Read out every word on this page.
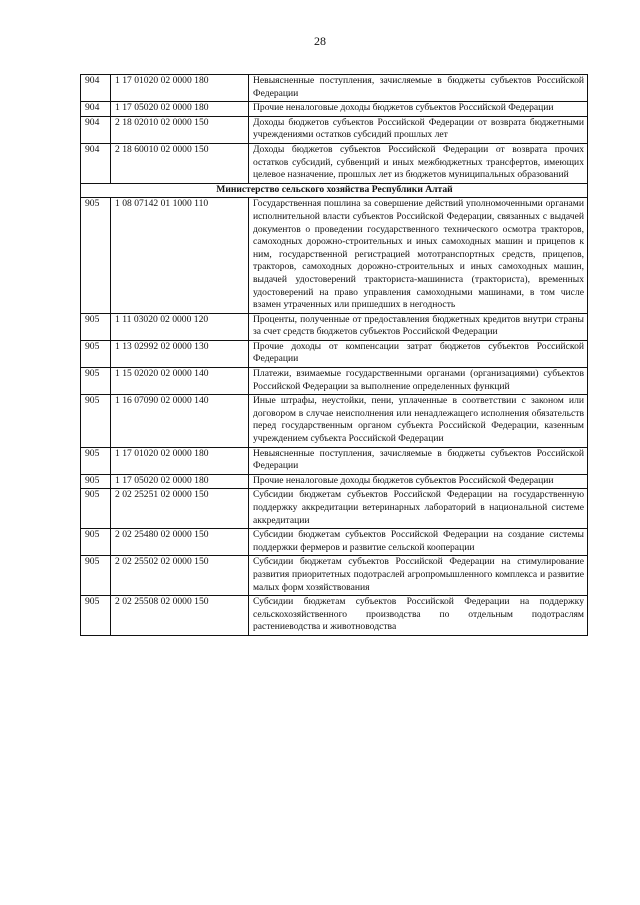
28
904	1 17 01020 02 0000 180	Невыясненные поступления, зачисляемые в бюджеты субъектов Российской Федерации
904	1 17 05020 02 0000 180	Прочие неналоговые доходы бюджетов субъектов Российской Федерации
904	2 18 02010 02 0000 150	Доходы бюджетов субъектов Российской Федерации от возврата бюджетными учреждениями остатков субсидий прошлых лет
904	2 18 60010 02 0000 150	Доходы бюджетов субъектов Российской Федерации от возврата прочих остатков субсидий, субвенций и иных межбюджетных трансфертов, имеющих целевое назначение, прошлых лет из бюджетов муниципальных образований
Министерство сельского хозяйства Республики Алтай		
905	1 08 07142 01 1000 110	Государственная пошлина за совершение действий уполномоченными органами исполнительной власти субъектов Российской Федерации, связанных с выдачей документов о проведении государственного технического осмотра тракторов, самоходных дорожно-строительных и иных самоходных машин и прицепов к ним, государственной регистрацией мототранспортных средств, прицепов, тракторов, самоходных дорожно-строительных и иных самоходных машин, выдачей удостоверений тракториста-машиниста (тракториста), временных удостоверений на право управления самоходными машинами, в том числе взамен утраченных или пришедших в негодность
905	1 11 03020 02 0000 120	Проценты, полученные от предоставления бюджетных кредитов внутри страны за счет средств бюджетов субъектов Российской Федерации
905	1 13 02992 02 0000 130	Прочие доходы от компенсации затрат бюджетов субъектов Российской Федерации
905	1 15 02020 02 0000 140	Платежи, взимаемые государственными органами (организациями) субъектов Российской Федерации за выполнение определенных функций
905	1 16 07090 02 0000 140	Иные штрафы, неустойки, пени, уплаченные в соответствии с законом или договором в случае неисполнения или ненадлежащего исполнения обязательств перед государственным органом субъекта Российской Федерации, казенным учреждением субъекта Российской Федерации
905	1 17 01020 02 0000 180	Невыясненные поступления, зачисляемые в бюджеты субъектов Российской Федерации
905	1 17 05020 02 0000 180	Прочие неналоговые доходы бюджетов субъектов Российской Федерации
905	2 02 25251 02 0000 150	Субсидии бюджетам субъектов Российской Федерации на государственную поддержку аккредитации ветеринарных лабораторий в национальной системе аккредитации
905	2 02 25480 02 0000 150	Субсидии бюджетам субъектов Российской Федерации на создание системы поддержки фермеров и развитие сельской кооперации
905	2 02 25502 02 0000 150	Субсидии бюджетам субъектов Российской Федерации на стимулирование развития приоритетных подотраслей агропромышленного комплекса и развитие малых форм хозяйствования
905	2 02 25508 02 0000 150	Субсидии бюджетам субъектов Российской Федерации на поддержку сельскохозяйственного производства по отдельным подотраслям растениеводства и животноводства
